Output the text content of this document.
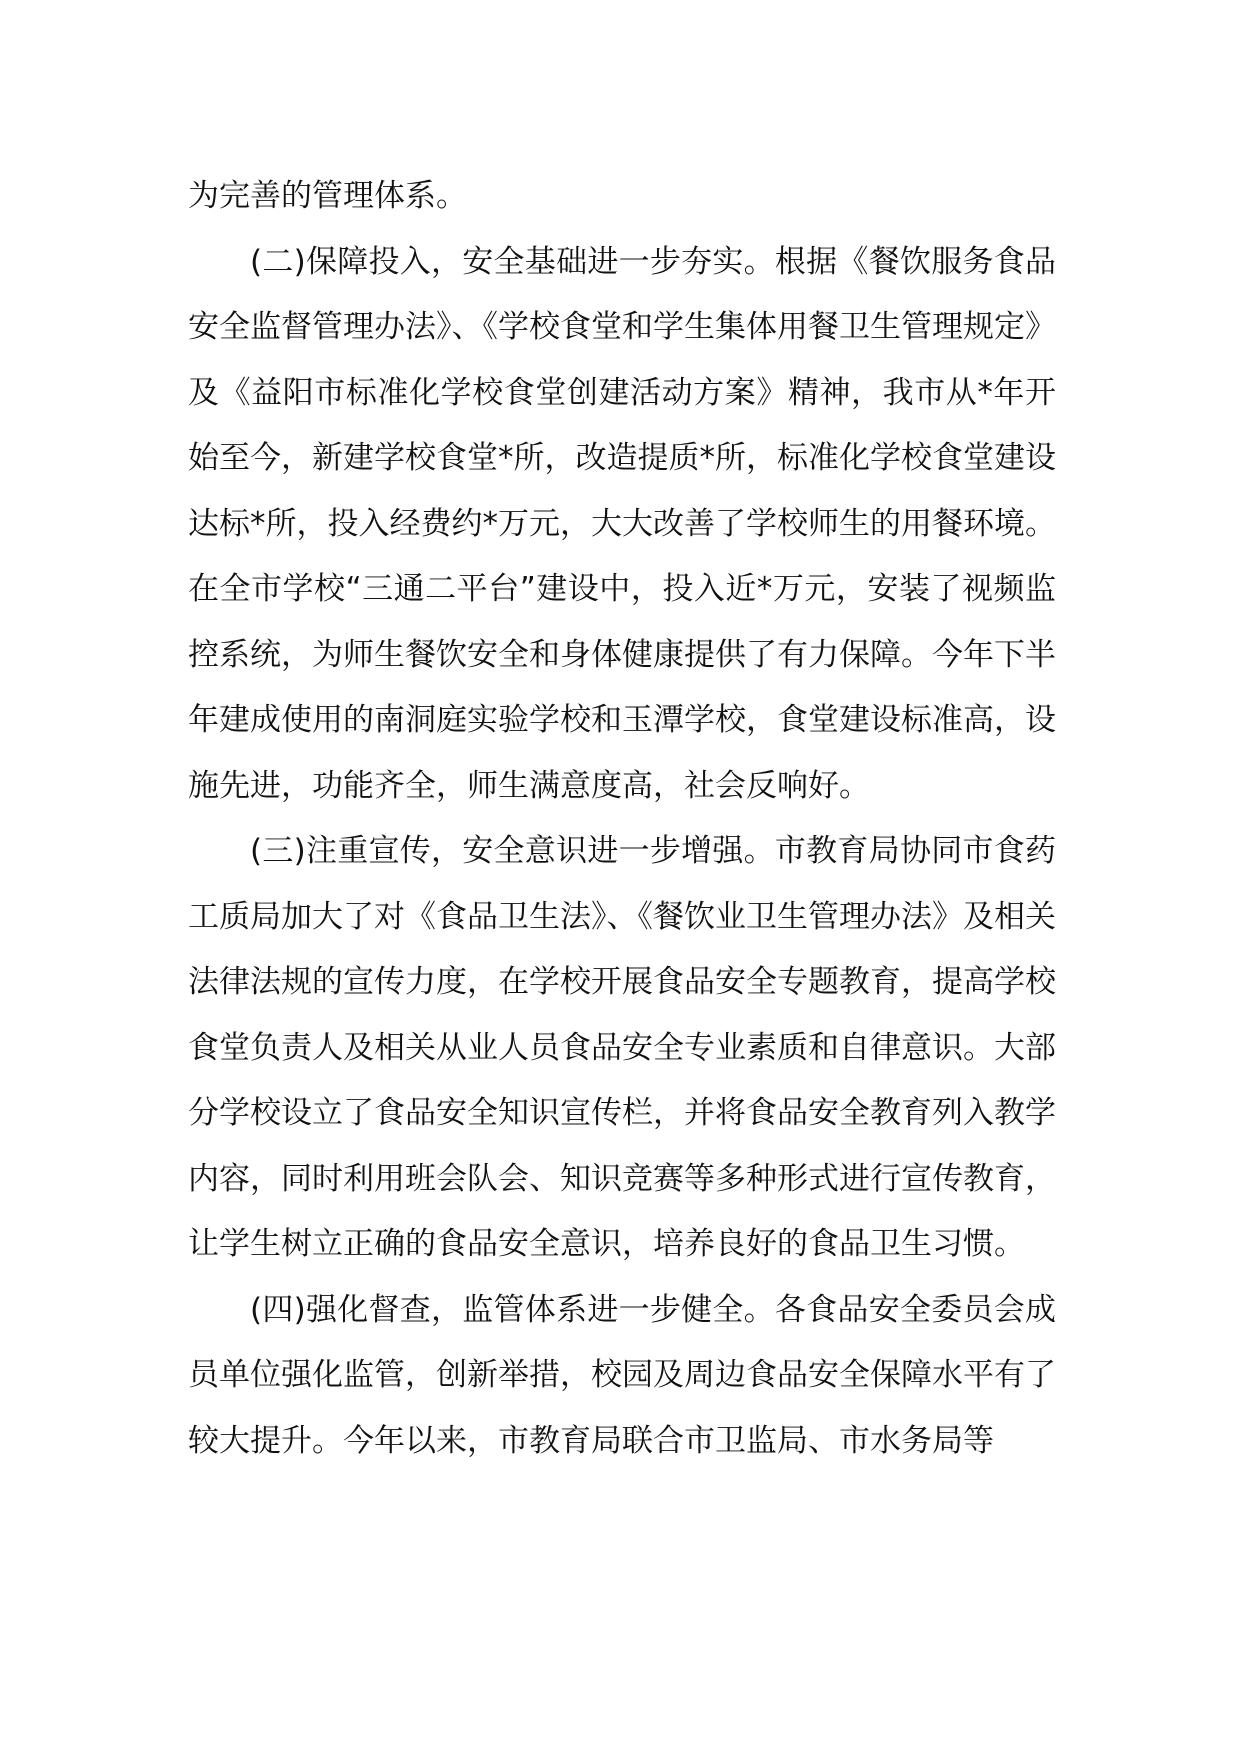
为完善的管理体系。

(二)保障投入，安全基础进一步夯实。根据《餐饮服务食品安全监督管理办法》、《学校食堂和学生集体用餐卫生管理规定》及《益阳市标准化学校食堂创建活动方案》精神，我市从*年开始至今，新建学校食堂*所，改造提质*所，标准化学校食堂建设达标*所，投入经费约*万元，大大改善了学校师生的用餐环境。在全市学校“三通二平台”建设中，投入近*万元，安装了视频监控系统，为师生餐饮安全和身体健康提供了有力保障。今年下半年建成使用的南洞庭实验学校和玉潭学校，食堂建设标准高，设施先进，功能齐全，师生满意度高，社会反响好。

(三)注重宣传，安全意识进一步增强。市教育局协同市食药工质局加大了对《食品卫生法》、《餐饮业卫生管理办法》及相关法律法规的宣传力度，在学校开展食品安全专题教育，提高学校食堂负责人及相关从业人员食品安全专业素质和自律意识。大部分学校设立了食品安全知识宣传栏，并将食品安全教育列入教学内容，同时利用班会队会、知识竞赛等多种形式进行宣传教育，让学生树立正确的食品安全意识，培养良好的食品卫生习惯。

(四)强化督查，监管体系进一步健全。各食品安全委员会成员单位强化监管，创新举措，校园及周边食品安全保障水平有了较大提升。今年以来，市教育局联合市卫监局、市水务局等
